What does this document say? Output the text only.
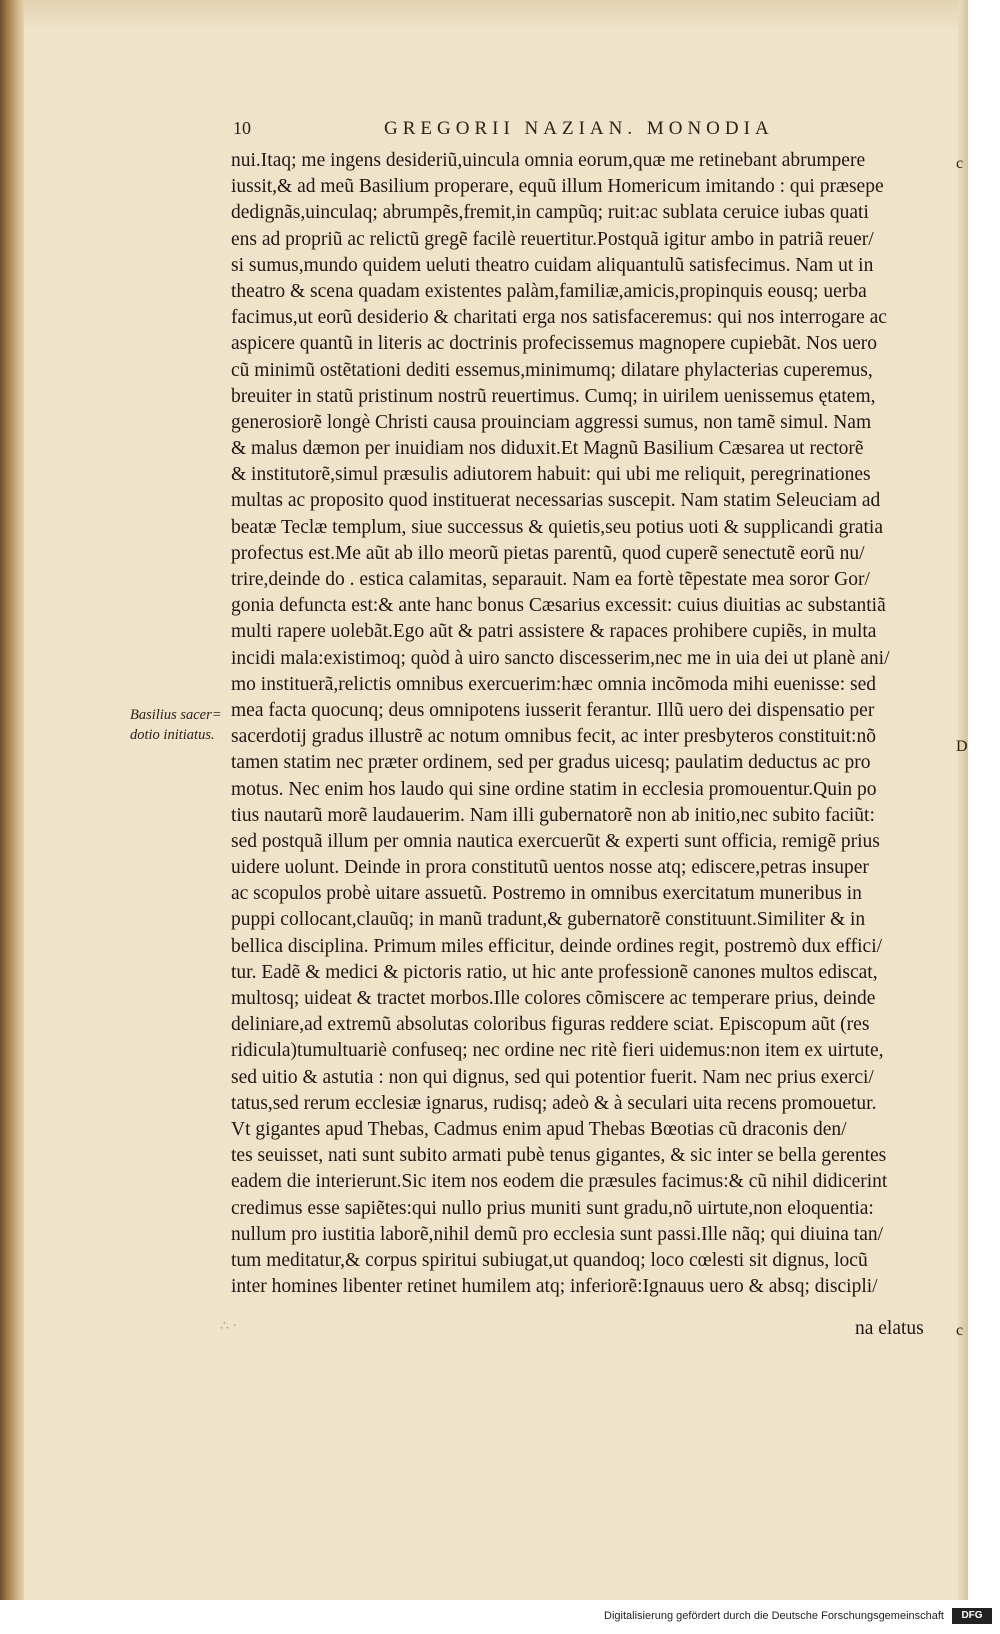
10	GREGORII NAZIAN. MONODIA
Basilius sacer= dotio initiatus.
c
D
c
nui.Itaq; me ingens desideriũ,uincula omnia eorum,quæ me retinebant abrumpere
iussit,& ad meũ Basilium properare, equũ illum Homericum imitando : qui præsepe
dedignãs,uinculaq; abrumpẽs,fremit,in campũq; ruit:ac sublata ceruice iubas quati
ens ad propriũ ac relictũ gregẽ facilè reuertitur.Postquã igitur ambo in patriã reuer/
si sumus,mundo quidem ueluti theatro cuidam aliquantulũ satisfecimus. Nam ut in
theatro & scena quadam existentes palàm,familiæ,amicis,propinquis eousq; uerba
facimus,ut eorũ desiderio & charitati erga nos satisfaceremus: qui nos interrogare ac
aspicere quantũ in literis ac doctrinis profecissemus magnopere cupiebãt. Nos uero
cũ minimũ ostẽtationi dediti essemus,minimumq; dilatare phylacterias cuperemus,
breuiter in statũ pristinum nostrũ reuertimus. Cumq; in uirilem uenissemus ętatem,
generosiorẽ longè Christi causa prouinciam aggressi sumus, non tamẽ simul. Nam
& malus dæmon per inuidiam nos diduxit.Et Magnũ Basilium Cæsarea ut rectorẽ
& institutorẽ,simul præsulis adiutorem habuit: qui ubi me reliquit, peregrinationes
multas ac proposito quod instituerat necessarias suscepit. Nam statim Seleuciam ad
beatæ Teclæ templum, siue successus & quietis,seu potius uoti & supplicandi gratia
profectus est.Me aũt ab illo meorũ pietas parentũ, quod cuperẽ senectutẽ eorũ nu/
trire,deinde do . estica calamitas, separauit. Nam ea fortè tẽpestate mea soror Gor/
gonia defuncta est:& ante hanc bonus Cæsarius excessit: cuius diuitias ac substantiã
multi rapere uolebãt.Ego aũt & patri assistere & rapaces prohibere cupiẽs, in multa
incidi mala:existimoq; quòd à uiro sancto discesserim,nec me in uia dei ut planè ani/
mo instituerã,relictis omnibus exercuerim:hæc omnia incõmoda mihi euenisse: sed
mea facta quocunq; deus omnipotens iusserit ferantur. Illũ uero dei dispensatio per
sacerdotij gradus illustrẽ ac notum omnibus fecit, ac inter presbyteros constituit:nõ
tamen statim nec præter ordinem, sed per gradus uicesq; paulatim deductus ac pro
motus. Nec enim hos laudo qui sine ordine statim in ecclesia promouentur.Quin po
tius nautarũ morẽ laudauerim. Nam illi gubernatorẽ non ab initio,nec subito faciũt:
sed postquã illum per omnia nautica exercuerũt & experti sunt officia, remigẽ prius
uidere uolunt. Deinde in prora constitutũ uentos nosse atq; ediscere,petras insuper
ac scopulos probè uitare assuetũ. Postremo in omnibus exercitatum muneribus in
puppi collocant,clauũq; in manũ tradunt,& gubernatorẽ constituunt.Similiter & in
bellica disciplina. Primum miles efficitur, deinde ordines regit, postremò dux effici/
tur. Eadẽ & medici & pictoris ratio, ut hic ante professionẽ canones multos ediscat,
multosq; uideat & tractet morbos.Ille colores cõmiscere ac temperare prius, deinde
deliniare,ad extremũ absolutas coloribus figuras reddere sciat. Episcopum aũt (res
ridicula)tumultuariè confuseq; nec ordine nec ritè fieri uidemus:non item ex uirtute,
sed uitio & astutia : non qui dignus, sed qui potentior fuerit. Nam nec prius exerci/
tatus,sed rerum ecclesiæ ignarus, rudisq; adeò & à seculari uita recens promouetur.
Vt gigantes apud Thebas, Cadmus enim apud Thebas Bœotias cũ draconis den/
tes seuisset, nati sunt subito armati pubè tenus gigantes, & sic inter se bella gerentes
eadem die interierunt.Sic item nos eodem die præsules facimus:& cũ nihil didicerint
credimus esse sapiẽtes:qui nullo prius muniti sunt gradu,nõ uirtute,non eloquentia:
nullum pro iustitia laborẽ,nihil demũ pro ecclesia sunt passi.Ille nãq; qui diuina tan/
tum meditatur,& corpus spiritui subiugat,ut quandoq; loco cœlesti sit dignus, locũ
inter homines libenter retinet humilem atq; inferiorẽ:Ignauus uero & absq; discipli/
na elatus
∴ ·
Digitalisierung gefördert durch die Deutsche Forschungsgemeinschaft	DFG
